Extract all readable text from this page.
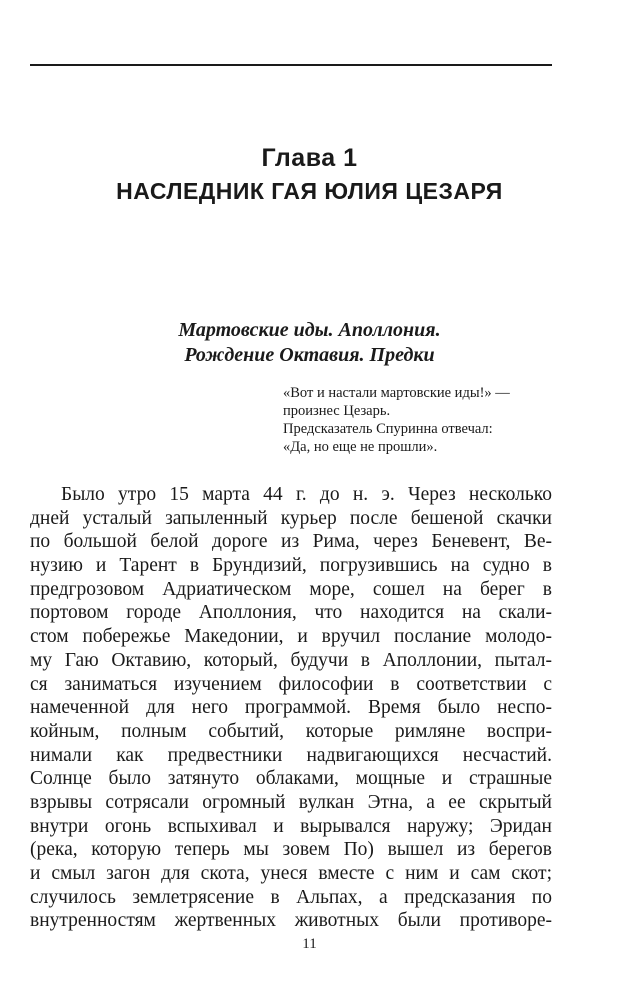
Глава 1
НАСЛЕДНИК ГАЯ ЮЛИЯ ЦЕЗАРЯ
Мартовские иды. Аполлония.
Рождение Октавия. Предки
«Вот и настали мартовские иды!» —
произнес Цезарь.
Предсказатель Спуринна отвечал:
«Да, но еще не прошли».
Было утро 15 марта 44 г. до н. э. Через несколько
дней усталый запыленный курьер после бешеной скачки
по большой белой дороге из Рима, через Беневент, Ве-
нузию и Тарент в Брундизий, погрузившись на судно в
предгрозовом Адриатическом море, сошел на берег в
портовом городе Аполлония, что находится на скали-
стом побережье Македонии, и вручил послание молодо-
му Гаю Октавию, который, будучи в Аполлонии, пытал-
ся заниматься изучением философии в соответствии с
намеченной для него программой. Время было неспо-
койным, полным событий, которые римляне воспри-
нимали как предвестники надвигающихся несчастий.
Солнце было затянуто облаками, мощные и страшные
взрывы сотрясали огромный вулкан Этна, а ее скрытый
внутри огонь вспыхивал и вырывался наружу; Эридан
(река, которую теперь мы зовем По) вышел из берегов
и смыл загон для скота, унеся вместе с ним и сам скот;
случилось землетрясение в Альпах, а предсказания по
внутренностям жертвенных животных были противоре-
11
